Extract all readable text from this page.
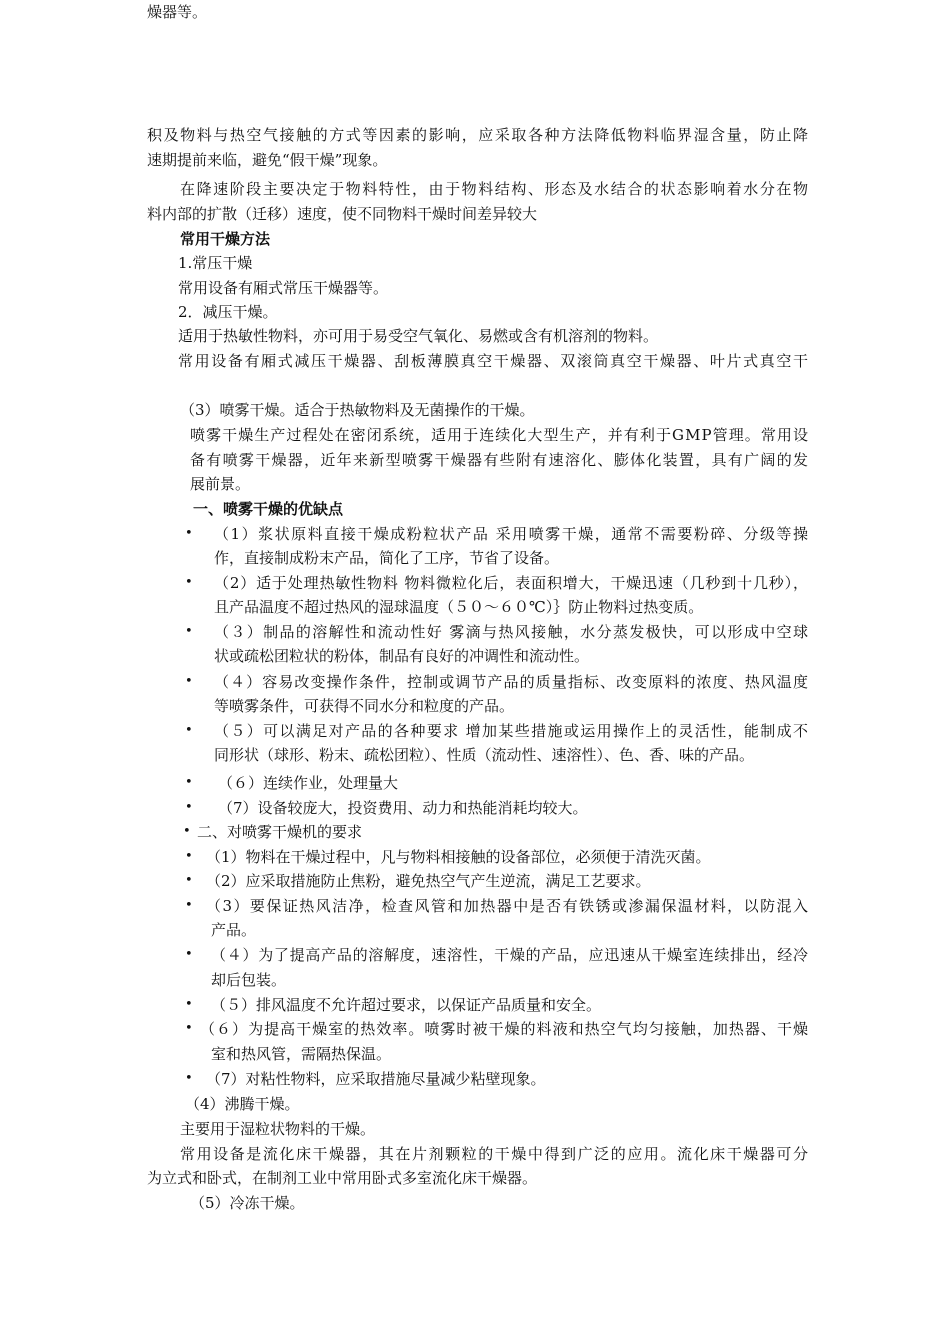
积及物料与热空气接触的方式等因素的影响，应采取各种方法降低物料临界湿含量，防止降
速期提前来临，避免“假干燥”现象。
在降速阶段主要决定于物料特性，由于物料结构、形态及水结合的状态影响着水分在物
料内部的扩散（迁移）速度，使不同物料干燥时间差异较大
常用干燥方法
1.常压干燥
常用设备有厢式常压干燥器等。
2．减压干燥。
适用于热敏性物料，亦可用于易受空气氧化、易燃或含有机溶剂的物料。
常用设备有厢式减压干燥器、刮板薄膜真空干燥器、双滚筒真空干燥器、叶片式真空干
燥器等。
（3）喷雾干燥。适合于热敏物料及无菌操作的干燥。
喷雾干燥生产过程处在密闭系统，适用于连续化大型生产，并有利于GMP管理。常用设
备有喷雾干燥器，近年来新型喷雾干燥器有些附有速溶化、膨体化装置，具有广阔的发
展前景。
一、喷雾干燥的优缺点
• （1）浆状原料直接干燥成粉粒状产品 采用喷雾干燥，通常不需要粉碎、分级等操
作，直接制成粉末产品，简化了工序，节省了设备。
• （2）适于处理热敏性物料 物料微粒化后，表面积增大，干燥迅速（几秒到十几秒），
且产品温度不超过热风的湿球温度（５０～６０℃）｝防止物料过热变质。
• （３）制品的溶解性和流动性好 雾滴与热风接触，水分蒸发极快，可以形成中空球
状或疏松团粒状的粉体，制品有良好的冲调性和流动性。
• （４）容易改变操作条件，控制或调节产品的质量指标、改变原料的浓度、热风温度
等喷雾条件，可获得不同水分和粒度的产品。
• （５）可以满足对产品的各种要求 增加某些措施或运用操作上的灵活性，能制成不
同形状（球形、粉末、疏松团粒）、性质（流动性、速溶性）、色、香、味的产品。
• （６）连续作业，处理量大
• （7）设备较庞大，投资费用、动力和热能消耗均较大。
• 二、对喷雾干燥机的要求
• （1）物料在干燥过程中，凡与物料相接触的设备部位，必须便于清洗灭菌。
• （2）应采取措施防止焦粉，避免热空气产生逆流，满足工艺要求。
• （3）要保证热风洁净，检查风管和加热器中是否有铁锈或渗漏保温材料，以防混入
产品。
• （４）为了提高产品的溶解度，速溶性，干燥的产品，应迅速从干燥室连续排出，经冷
却后包装。
• （５）排风温度不允许超过要求，以保证产品质量和安全。
• （６）为提高干燥室的热效率。喷雾时被干燥的料液和热空气均匀接触，加热器、干燥
室和热风管，需隔热保温。
• （7）对粘性物料，应采取措施尽量减少粘壁现象。
（4）沸腾干燥。
主要用于湿粒状物料的干燥。
常用设备是流化床干燥器，其在片剂颗粒的干燥中得到广泛的应用。流化床干燥器可分
为立式和卧式，在制剂工业中常用卧式多室流化床干燥器。
（5）冷冻干燥。
